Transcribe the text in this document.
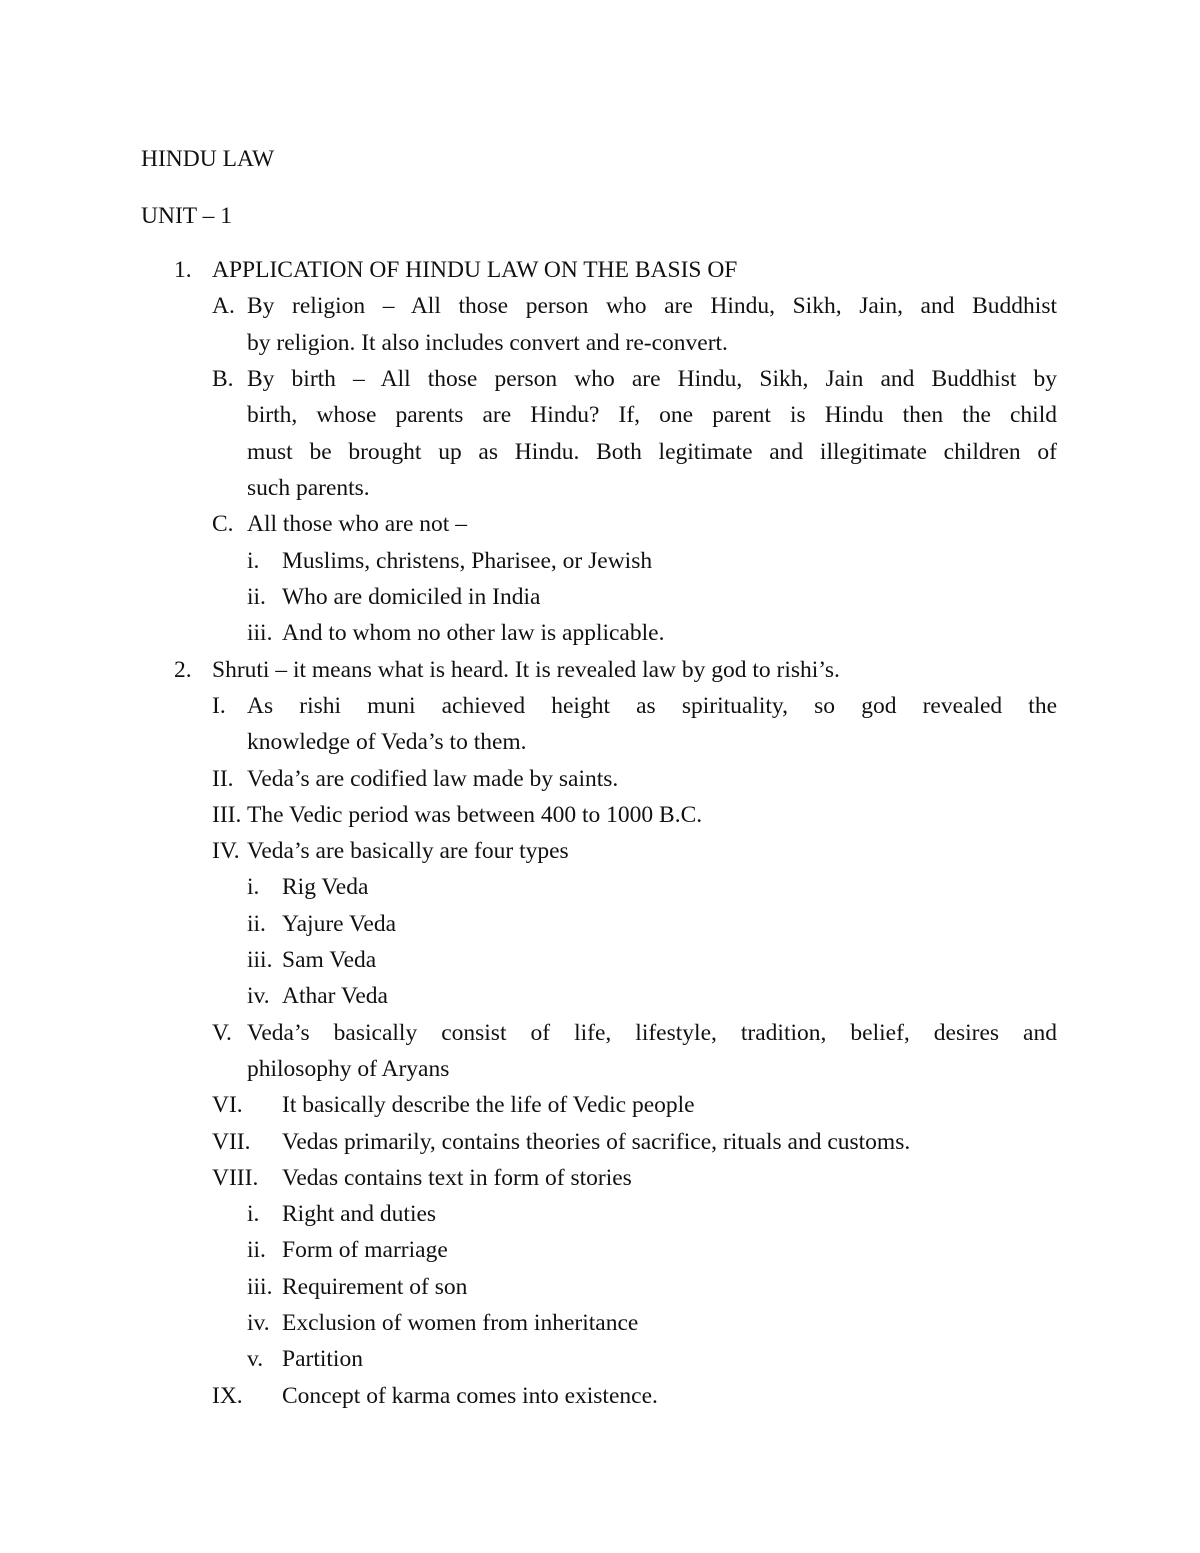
HINDU LAW
UNIT – 1
1. APPLICATION OF HINDU LAW ON THE BASIS OF
A. By religion – All those person who are Hindu, Sikh, Jain, and Buddhist
by religion. It also includes convert and re-convert.
B. By birth – All those person who are Hindu, Sikh, Jain and Buddhist by
birth, whose parents are Hindu? If, one parent is Hindu then the child
must be brought up as Hindu. Both legitimate and illegitimate children of
such parents.
C. All those who are not –
i. Muslims, christens, Pharisee, or Jewish
ii. Who are domiciled in India
iii. And to whom no other law is applicable.
2. Shruti – it means what is heard. It is revealed law by god to rishi’s.
I. As rishi muni achieved height as spirituality, so god revealed the
knowledge of Veda’s to them.
II. Veda’s are codified law made by saints.
III. The Vedic period was between 400 to 1000 B.C.
IV. Veda’s are basically are four types
i. Rig Veda
ii. Yajure Veda
iii. Sam Veda
iv. Athar Veda
V. Veda’s basically consist of life, lifestyle, tradition, belief, desires and
philosophy of Aryans
VI. It basically describe the life of Vedic people
VII. Vedas primarily, contains theories of sacrifice, rituals and customs.
VIII. Vedas contains text in form of stories
i. Right and duties
ii. Form of marriage
iii. Requirement of son
iv. Exclusion of women from inheritance
v. Partition
IX. Concept of karma comes into existence.
